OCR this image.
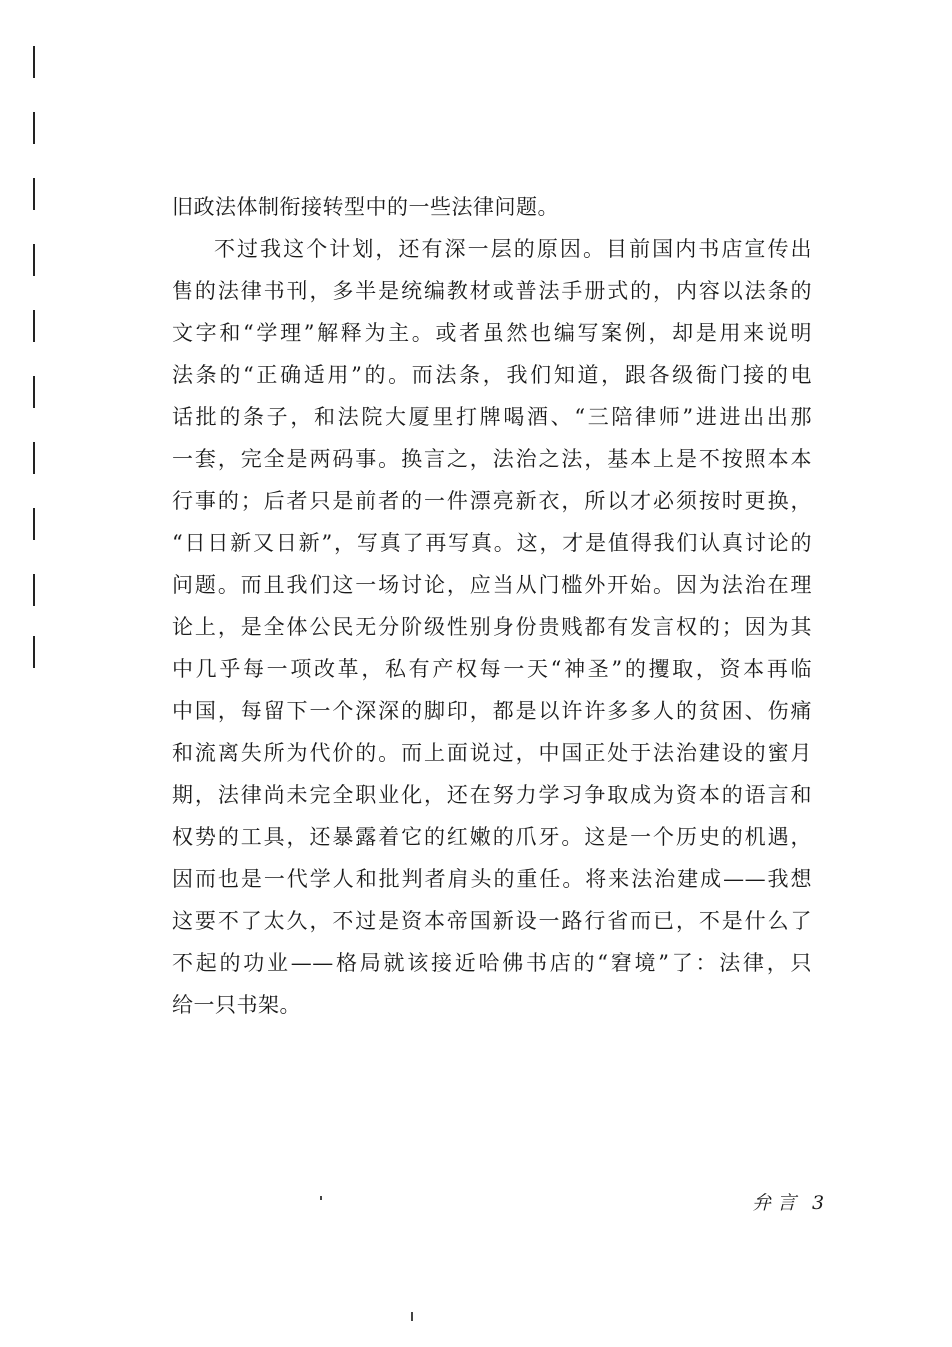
旧政法体制衔接转型中的一些法律问题。
不过我这个计划，还有深一层的原因。目前国内书店宣传出
售的法律书刊，多半是统编教材或普法手册式的，内容以法条的
文字和“学理”解释为主。或者虽然也编写案例，却是用来说明
法条的“正确适用”的。而法条，我们知道，跟各级衙门接的电
话批的条子，和法院大厦里打牌喝酒、“三陪律师”进进出出那
一套，完全是两码事。换言之，法治之法，基本上是不按照本本
行事的；后者只是前者的一件漂亮新衣，所以才必须按时更换，
“日日新又日新”，写真了再写真。这，才是值得我们认真讨论的
问题。而且我们这一场讨论，应当从门槛外开始。因为法治在理
论上，是全体公民无分阶级性别身份贵贱都有发言权的；因为其
中几乎每一项改革，私有产权每一天“神圣”的攫取，资本再临
中国，每留下一个深深的脚印，都是以许许多多人的贫困、伤痛
和流离失所为代价的。而上面说过，中国正处于法治建设的蜜月
期，法律尚未完全职业化，还在努力学习争取成为资本的语言和
权势的工具，还暴露着它的红嫩的爪牙。这是一个历史的机遇，
因而也是一代学人和批判者肩头的重任。将来法治建成——我想
这要不了太久，不过是资本帝国新设一路行省而已，不是什么了
不起的功业——格局就该接近哈佛书店的“窘境”了：法律，只
给一只书架。
弁言 3
